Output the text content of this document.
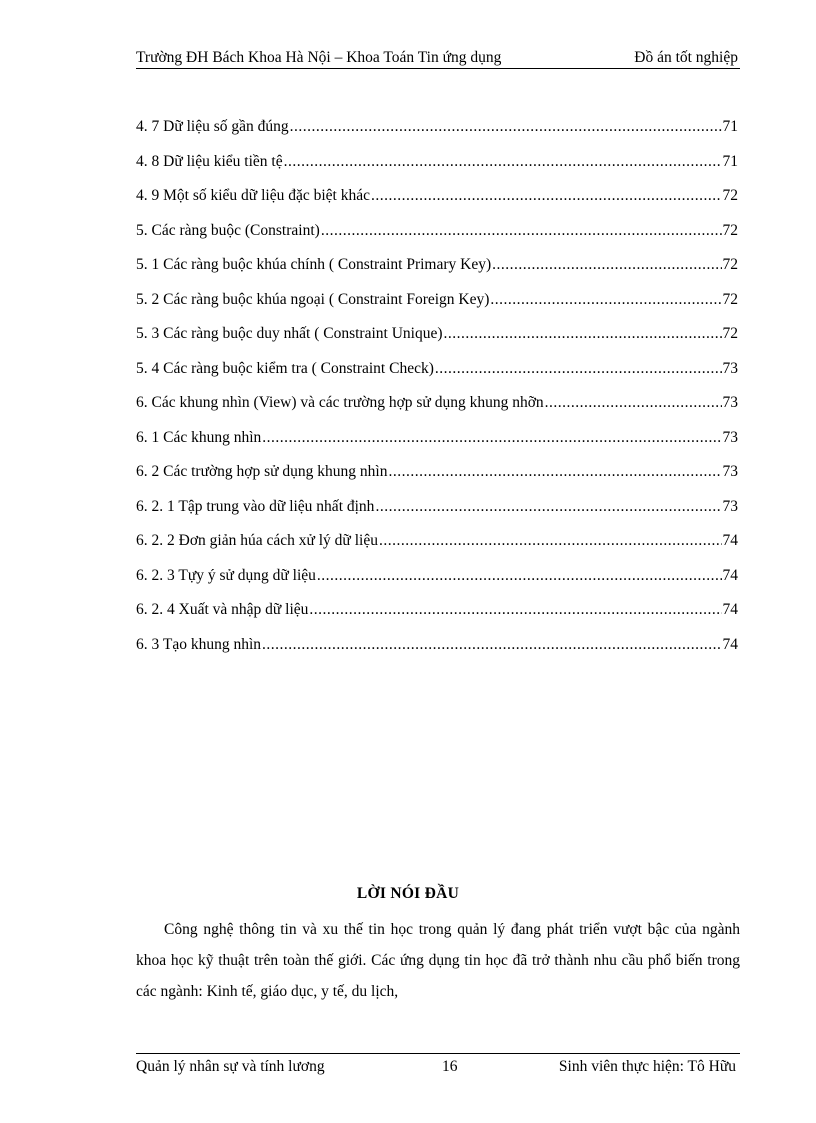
Trường ĐH Bách Khoa Hà Nội – Khoa Toán Tin ứng dụng	Đồ án tốt nghiệp
4. 7 Dữ liệu số gần đúng .....	71
4. 8 Dữ liệu kiểu tiền tệ .....	71
4. 9 Một số kiểu dữ liệu đặc biệt khác .....	72
5. Các ràng buộc (Constraint) .....	72
5. 1 Các ràng buộc khúa chính ( Constraint Primary Key) .....	72
5. 2 Các ràng buộc khúa ngoại ( Constraint Foreign Key) .....	72
5. 3 Các ràng buộc duy nhất ( Constraint Unique) .....	72
5. 4 Các ràng buộc kiểm tra ( Constraint Check) .....	73
6. Các khung nhìn (View) và các trường hợp sử dụng khung nhỡn .....	73
6. 1 Các khung nhìn .....	73
6. 2 Các trường hợp sử dụng khung nhìn .....	73
6. 2. 1 Tập trung vào dữ liệu nhất định .....	73
6. 2. 2 Đơn giản húa cách xử lý dữ liệu .....	74
6. 2. 3 Tựy ý sử dụng dữ liệu .....	74
6. 2. 4 Xuất và nhập dữ liệu .....	74
6. 3 Tạo khung nhìn .....	74
LỜI NÓI ĐẦU

Công nghệ thông tin và xu thế tin học trong quản lý đang phát triển vượt bậc của ngành khoa học kỹ thuật trên toàn thế giới. Các ứng dụng tin học đã trở thành nhu cầu phổ biến trong các ngành: Kinh tế, giáo dục, y tế, du lịch,

Quản lý nhân sự và tính lương	16	Sinh viên thực hiện: Tô Hữu
